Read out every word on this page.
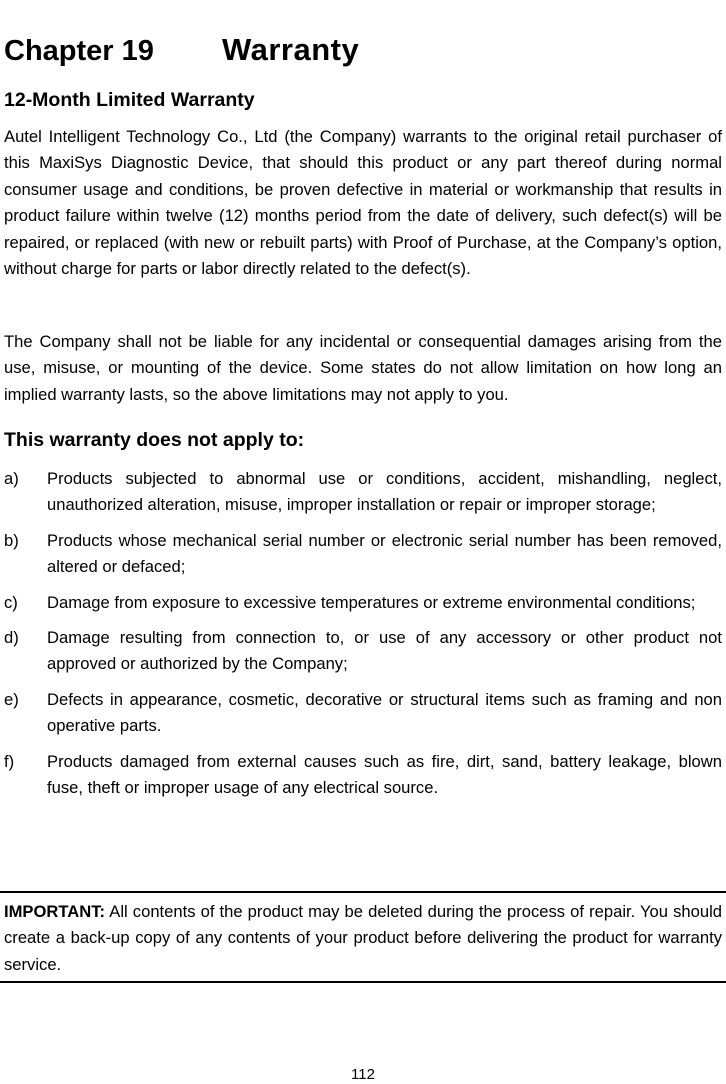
Chapter 19 Warranty
12-Month Limited Warranty
Autel Intelligent Technology Co., Ltd (the Company) warrants to the original retail purchaser of this MaxiSys Diagnostic Device, that should this product or any part thereof during normal consumer usage and conditions, be proven defective in material or workmanship that results in product failure within twelve (12) months period from the date of delivery, such defect(s) will be repaired, or replaced (with new or rebuilt parts) with Proof of Purchase, at the Company’s option, without charge for parts or labor directly related to the defect(s).
The Company shall not be liable for any incidental or consequential damages arising from the use, misuse, or mounting of the device. Some states do not allow limitation on how long an implied warranty lasts, so the above limitations may not apply to you.
This warranty does not apply to:
a) Products subjected to abnormal use or conditions, accident, mishandling, neglect, unauthorized alteration, misuse, improper installation or repair or improper storage;
b) Products whose mechanical serial number or electronic serial number has been removed, altered or defaced;
c) Damage from exposure to excessive temperatures or extreme environmental conditions;
d) Damage resulting from connection to, or use of any accessory or other product not approved or authorized by the Company;
e) Defects in appearance, cosmetic, decorative or structural items such as framing and non operative parts.
f) Products damaged from external causes such as fire, dirt, sand, battery leakage, blown fuse, theft or improper usage of any electrical source.
IMPORTANT: All contents of the product may be deleted during the process of repair. You should create a back-up copy of any contents of your product before delivering the product for warranty service.
112
